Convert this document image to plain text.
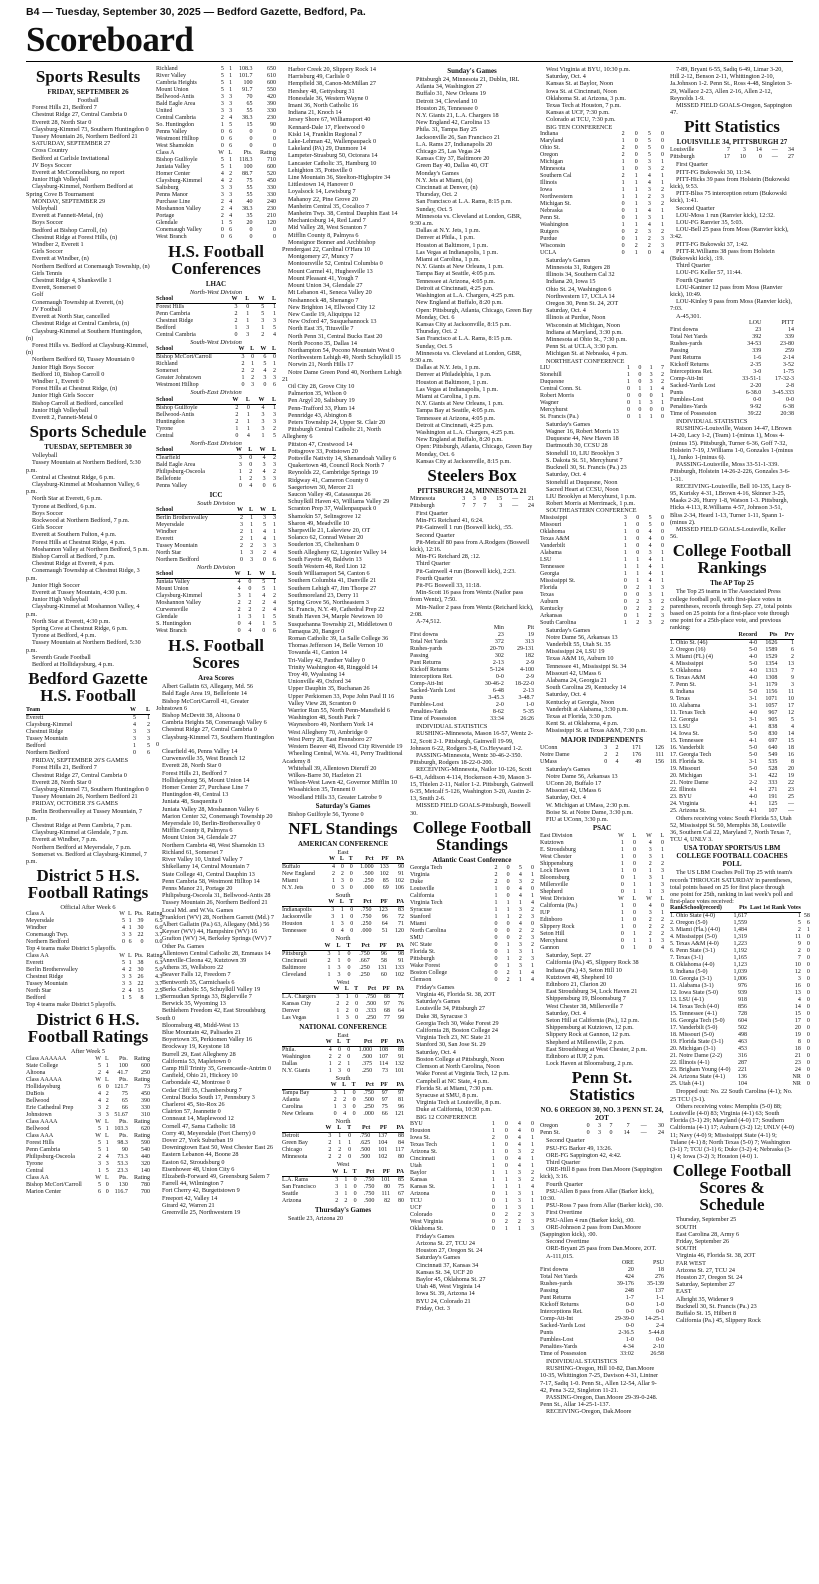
B4 — Tuesday, September 30, 2025 — Bedford Gazette, Bedford, Pa.
Scoreboard
Sports Results
FRIDAY, SEPTEMBER 26
Football

Forest Hills 21, Bedford 7

Chestnut Ridge 27, Central Cambria 0

Everett 28, North Star 0

Claysburg-Kimmel 73, Southern Huntingdon 0

Tussey Mountain 26, Northern Bedford 21

SATURDAY, SEPTEMBER 27

Cross Country

Bedford at Carlisle Invitational

JV Boys Soccer

Everett at McConnellsburg, no report

Junior High Volleyball

Claysburg-Kimmel, Northern Bedford at Spring Cove B Tournament

MONDAY, SEPTEMBER 29

Volleyball

Everett at Fannett-Metal, (n)

Boys Soccer

Bedford at Bishop Carroll, (n)

Chestnut Ridge at Forest Hills, (n)

Windber 2, Everett 1

Girls Soccer

Everett at Windber, (n)

Northern Bedford at Conemaugh Township, (n)

Girls Tennis

Chestnut Ridge 4, Shanksville 1

Everett, Somerset 0

Golf

Conemaugh Township at Everett, (n)

JV Football

Everett at North Star, cancelled

Chestnut Ridge at Central Cambria, (n)

Claysburg-Kimmel at Southern Huntingdon, (n)

Forest Hills vs. Bedford at Claysburg-Kimmel, (n)

Northern Bedford 60, Tussey Mountain 0

Junior High Boys Soccer

Bedford 10, Bishop Carroll 0

Windber 1, Everett 0

Forest Hills at Chestnut Ridge, (n)

Junior High Girls Soccer

Bishop Carroll at Bedford, cancelled

Junior High Volleyball

Everett 2, Fannett-Metal 0

Sports Schedule
TUESDAY, SEPTEMBER 30

Volleyball

Tussey Mountain at Northern Bedford, 5:30 p.m.

Central at Chestnut Ridge, 6 p.m.

Claysburg-Kimmel at Moshannon Valley, 6 p.m.

North Star at Everett, 6 p.m.

Tyrone at Bedford, 6 p.m.

Boys Soccer

Rockwood at Northern Bedford, 7 p.m.

Girls Soccer

Everett at Southern Fulton, 4 p.m.

Forest Hills at Chestnut Ridge, 4 p.m.

Moshannon Valley at Northern Bedford, 5 p.m.

Bishop Carroll at Bedford, 7 p.m.

Chestnut Ridge at Everett, 4 p.m.

Conemaugh Township at Chestnut Ridge, 3 p.m.

Junior High Soccer

Everett at Tussey Mountain, 4:30 p.m.

Junior High Volleyball

Claysburg-Kimmel at Moshannon Valley, 4 p.m.

North Star at Everett, 4:30 p.m.

Spring Cove at Chestnut Ridge, 6 p.m.

Tyrone at Bedford, 4 p.m.

Tussey Mountain at Northern Bedford, 5:30 p.m.

Seventh Grade Football

Bedford at Hollidaysburg, 4 p.m.

Bedford Gazette H.S. Football
Team	W	L
Everett	5	1
Claysburg-Kimmel	4	2
Chestnut Ridge	3	3
Tussey Mountain	3	3
Bedford	1	5
Northern Bedford	0	6

FRIDAY, SEPTEMBER 26'S GAMES

Forest Hills 21, Bedford 7

Chestnut Ridge 27, Central Cambria 0

Everett 28, North Star 0

Claysburg-Kimmel 73, Southern Huntingdon 0

Tussey Mountain 26, Northern Bedford 21

FRIDAY, OCTOBER 3'S GAMES

Berlin Brothersvalley at Tussey Mountain, 7 p.m.

Chestnut Ridge at Penn Cambria, 7 p.m.

Claysburg-Kimmel at Glendale, 7 p.m.

Everett at Windber, 7 p.m.

Northern Bedford at Meyersdale, 7 p.m.

Somerset vs. Bedford at Claysburg-Kimmel, 7 p.m.

District 5 H.S. Football Ratings
Official After Week 6
Class A	W	L	Pts.	Rating
Meyersdale	5	1	39	6.5
Windber	4	1	30	6.0
Conemaugh Twp.	3	3	22	3.7
Northern Bedford	0	6	0	0.0
Top 4 teams make District 5 playoffs.				
Class AA	W	L	Pts.	Rating
Everett	5	1	38	6.3
Berlin Brothersvalley	4	2	30	5.0
Chestnut Ridge	3	3	26	4.3
Tussey Mountain	3	3	22	3.7
North Star	2	4	15	2.5
Bedford	1	5	8	1.3
Top 4 teams make District 5 playoffs.				
District 6 H.S. Football Ratings
After Week 5
Class AAAAAA	W	L	Pts.	Rating
State College	5	1	100	600
Altoona	2	4	41.7	250
Class AAAAA	W	L	Pts.	Rating
Hollidaysburg	6	0	121.7	73
DuBois	4	2	75	450
Bellwood	4	2	65	390
Erie Cathedral Prep	3	2	66	330
Johnstown	3	3	51.67	310
Class AAAA	W	L	Pts.	Rating
Bellwood	5	1	103.3	620
Class AAA	W	L	Pts.	Rating
Forest Hills	5	1	98.3	590
Penn Cambria	5	1	90	540
Philipsburg-Osceola	2	4	73.3	440
Tyrone	3	3	53.3	320
Central	1	5	23.3	140
Class AA	W	L	Pts.	Rating
Bishop McCort/Carroll	5	0	130	780
Marion Center	6	0	116.7	700
Richland	5	1	108.3	650
River Valley	5	1	101.7	610
Cambria Heights	5	1	100	600
Mount Union	5	1	91.7	550
Bellwood-Antis	3	3	70	420
Bald Eagle Area	3	3	65	390
United	3	3	55	330
Central Cambria	2	4	38.3	230
So. Huntingdon	1	5	15	90
Penns Valley	0	6	0	0
Westmont Hilltop	0	6	0	0
West Shamokin	0	6	0	0
Class A	W	L	Pts.	Rating
Bishop Guilfoyle	5	1	118.3	710
Juniata Valley	5	1	100	600
Homer Center	4	2	88.7	520
Claysburg-Kimmel	4	2	75	450
Saltsburg	3	3	55	330
Penns Manor	3	3	55	330
Purchase Line	2	4	40	240
Moshannon Valley	2	4	38.3	230
Portage	2	4	35	210
Glendale	1	5	20	120
Conemaugh Valley	0	6	0	0
West Branch	0	6	0	0
H.S. Football Conferences
LHAC
North-West Division
School	W	L	W	L
Forest Hills	3	0	5	1
Penn Cambria	2	1	5	1
Chestnut Ridge	2	1	3	3
Bedford	1	3	1	5
Central Cambria	0	3	2	4
South-West Division
School	W	L	W	L
Bishop McCort/Carroll	3	0	6	0
Richland	2	1	5	1
Somerset	2	2	4	2
Greater Johnstown	1	2	3	3
Westmont Hilltop	0	3	0	6
South-East Division
School	W	L	W	L
Bishop Guilfoyle	2	0	4	1
Bellwood-Antis	2	1	3	3
Huntingdon	2	1	3	3
Tyrone	1	1	3	2
Central	0	4	1	5
North-East Division
School	W	L	W	L
Clearfield	3	0	4	2
Bald Eagle Area	3	0	3	3
Philipsburg-Osceola	1	2	4	2
Bellefonte	1	2	3	3
Penns Valley	0	4	0	6
ICC
South Division
School	W	L	W	L
Berlin Brothersvalley	2	1	3	3
Meyersdale	3	1	5	1
Windber	2	1	4	1
Everett	2	1	4	1
Tussey Mountain	2	2	3	3
North Star	1	3	2	4
Northern Bedford	0	3	0	6
North Division
School	W	L	W	L
Juniata Valley	4	0	5	1
Mount Union	4	0	5	1
Claysburg-Kimmel	3	1	4	2
Moshannon Valley	2	2	2	4
Curwensville	2	2	2	4
Glendale	1	3	1	5
S. Huntingdon	0	4	1	5
West Branch	0	4	0	6
H.S. Football Scores
Area Scores

Albert Gallatin 63, Allegany, Md. 56

Bald Eagle Area 19, Bellefonte 14

Bishop McCort/Carroll 41, Greater Johnstown 6

Bishop McDevitt 38, Altoona 0

Cambria Heights 58, Conemaugh Valley 6

Chestnut Ridge 27, Central Cambria 0

Claysburg-Kimmel 73, Southern Huntingdon 0

Clearfield 46, Penns Valley 14

Curwensville 35, West Branch 12

Everett 28, North Star 0

Forest Hills 21, Bedford 7

Hollidaysburg 56, Mount Union 14

Homer Center 27, Purchase Line 7

Huntingdon 49, Central 13

Juniata 48, Susquenita 0

Juniata Valley 28, Moshannon Valley 6

Marion Center 32, Conemaugh Township 20

Meyersdale 10, Berlin-Brothersvalley 0

Mifflin County 8, Palmyra 6

Mount Union 34, Glendale 27

Northern Cambria 48, West Shamokin 13

Richland 61, Somerset 7

River Valley 10, United Valley 7

Shikellamy 14, Central Mountain 7

State College 41, Central Dauphin 13

Penn Cambria 58, Westmont Hilltop 14

Penns Manor 21, Portage 20

Philipsburg-Osceola 31, Bellwood-Antis 28

Tussey Mountain 26, Northern Bedford 21

Local Md. and W.Va. Games

Frankfort (WV) 28, Northern Garrett (Md.) 7

Albert Gallatin (Pa.) 63, Allegany (Md.) 56

Keyser (WV) 44, Hampshire (WV) 16

Grafton (WV) 34, Berkeley Springs (WV) 7

Other Pa. Games

Allentown Central Catholic 28, Emmaus 14

Annville-Cleona 42, Kutztown 39

Athens 35, Wellsboro 22

Beaver Falls 12, Freedom 7

Bentworth 35, Carmichaels 6

Berks Catholic 55, Schuylkill Valley 19

Bermudian Springs 33, Biglerville 7

Berwick 35, Wyoming 13

Bethlehem Freedom 42, East Stroudsburg South 0

Bloomsburg 48, Midd-West 13

Blue Mountain 42, Palisades 21

Boyertown 35, Perkiomen Valley 16

Brockway 19, Keystone 18

Burrell 29, East Allegheny 28

California 53, Mapletown 0

Camp Hill Trinity 35, Greencastle-Antrim 0

Canfield, Ohio 21, Hickory 10

Carbondale 42, Montrose 0

Cedar Cliff 35, Chambersburg 7

Central Bucks South 17, Pennsbury 3

Charleroi 45, Sto-Rox 26

Clairton 57, Jeannette 0

Conneaut 14, Maplewood 12

Cornell 47, Sama Catholic 18

Corry 40, Meyersdale (Fort Cherry) 0

Dover 27, York Suburban 19

Downingtown East 50, West Chester East 26

Eastern Lebanon 44, Boone 28

Easton 62, Stroudsburg 0

Eisenhower 48, Union City 6

Elizabeth-Forward 49, Greensburg Salem 7

Farrell 44, Wilmington 7

Fort Cherry 42, Burgettstown 9

Freeport 42, Valley 14

Girard 42, Warren 21

Greenville 25, Northwestern 19

Harbor Creek 20, Slippery Rock 14

Harrisburg 49, Carlisle 0

Hempfield 38, Canon-McMillan 27

Hershey 48, Gettysburg 31

Honesdale 36, Western Wayne 0

Imani 36, North Catholic 16

Indiana 21, Knoch 14

Jersey Shore 67, Williamsport 40

Kennard-Dale 17, Fleetwood 0

Kiski 14, Franklin Regional 7

Lake-Lehman 42, Wallenpaupack 0

Lakeland (PA) 29, Dunmore 14

Lampeter-Strasburg 50, Octorara 14

Lancaster Catholic 35, Hamburg 10

Lehighton 35, Pottsville 0

Line Mountain 36, Steelton-Highspire 34

Littlestown 14, Hanover 0

Loyalsock 14, Lewisburg 7

Mahanoy 22, Pine Grove 20

Manheim Central 35, Cocalico 7

Manheim Twp. 38, Central Dauphin East 14

Mechanicsburg 14, Red Land 7

Mid Valley 28, West Scranton 7

Mifflin County 8, Palmyra 6

Monsignor Bonner and Archbishop Prendergast 22, Cardinal O'Hara 10

Montgomery 27, Muncy 7

Montoursville 52, Central Columbia 0

Mount Carmel 41, Hughesville 13

Mount Pleasant 41, Yough 7

Mount Union 34, Glendale 27

Mt Lebanon 41, Seneca Valley 20

Neshannock 48, Shenango 7

New Brighton 14, Ellwood City 12

New Castle 19, Aliquippa 12

New Oxford 47, Susquehannock 13

North East 35, Titusville 7

North Penn 31, Central Bucks East 20

North Pocono 35, Dallas 14

Northampton 54, Pocono Mountain West 0

Northwestern Lehigh 49, North Schuylkill 15

Norwin 21, North Hills 17

Notre Dame Green Pond 40, Northern Lehigh 21

Oil City 28, Grove City 10

Palmerton 35, Wilson 0

Pen Argyl 20, Salisbury 19

Penn-Trafford 33, Plum 14

Pennridge 43, Abington 8

Peters Township 24, Upper St. Clair 20

Pittsburgh Central Catholic 21, North Allegheny 6

Pittston 47, Crestwood 14

Pottsgrove 33, Pottstown 20

Pottsville Nativity 14, Shenandoah Valley 6

Quakertown 48, Council Rock North 7

Reynolds 22, Cambridge Springs 19

Ridgway 41, Cameron County 0

Saegertown 30, Mercer 21

Saucon Valley 49, Catasauqua 26

Schuylkill Haven 43, Williams Valley 29

Scranton Prep 37, Wallenpaupack 0

Shamokin 57, Selinsgrove 12

Sharon 49, Meadville 10

Sharpsville 21, Lakeview 20, OT

Solanco 62, Conrad Weiser 20

Souderton 35, Cheltenham 0

South Allegheny 62, Ligonier Valley 14

South Fayette 49, Baldwin 13

South Western 48, Red Lion 12

South Williamsport 54, Canton 6

Southern Columbia 41, Danville 21

Southern Lehigh 47, Jim Thorpe 27

Southmoreland 23, Derry 11

Spring Grove 56, Northeastern 3

St. Francis, N.Y. 49, Cathedral Prep 22

Strath Haven 34, Marple Newtown 10

Susquehanna Township 21, Middletown 0

Tamaqua 20, Bangor 0

Roman Catholic 39, La Salle College 36

Thomas Jefferson 14, Belle Vernon 10

Towanda 41, Canton 14

Tri-Valley 42, Panther Valley 0

Trinity Washington 48, Ringgold 14

Troy 49, Wyalusing 14

Unionville 49, Oxford 34

Upper Dauphin 35, Buchanan 26

Upper Perkiomen 33, Pope John Paul II 16

Valley View 28, Scranton 0

Warrior Run 55, North Penn-Mansfield 6

Washington 48, South Park 7

Waynesboro 49, Northern York 14

West Allegheny 70, Ambridge 0

West Perry 28, East Pennsboro 27

Western Beaver 48, Elwood City Riverside 19

Wheeling Central, W.Va. 41, Perry Traditional Academy 8

Whitehall 39, Allentown Dieruff 20

Wilkes-Barre 30, Hazleton 21

Wilson-West Lawn 42, Governor Mifflin 10

Wissahickon 35, Tennent 0

Woodland Hills 33, Greater Latrobe 9

Saturday's Games

Bishop Guilfoyle 56, Tyrone 0

NFL Standings
AMERICAN CONFERENCE
East
	W	L	T	Pct	PF	PA
Buffalo	4	0	0	1.000	133	90
New England	2	2	0	.500	102	91
Miami	1	3	0	.250	85	102
N.Y. Jets	0	3	0	.000	69	106
South
	W	L	T	Pct	PF	PA
Indianapolis	3	1	0	.750	123	83
Jacksonville	3	1	0	.750	96	72
Houston	1	3	0	.250	64	71
Tennessee	0	4	0	.000	51	120
North
	W	L	T	Pct	PF	PA
Pittsburgh	3	1	0	.750	96	98
Cincinnati	2	1	0	.667	58	91
Baltimore	1	3	0	.250	131	133
Cleveland	1	3	0	.250	60	102
West
	W	L	T	Pct	PF	PA
L.A. Chargers	3	1	0	.750	88	71
Kansas City	2	2	0	.500	97	76
Denver	1	2	0	.333	68	64
Las Vegas	1	3	0	.250	77	99
NATIONAL CONFERENCE
East
	W	L	T	Pct	PF	PA
Phila.	4	0	0	1.000	108	88
Washington	2	2	0	.500	107	91
Dallas	1	2	1	.375	114	132
N.Y. Giants	1	3	0	.250	73	101
South
	W	L	T	Pct	PF	PA
Tampa Bay	3	1	0	.750	97	97
Atlanta	2	2	0	.500	97	81
Carolina	1	3	0	.250	75	96
New Orleans	0	4	0	.000	66	121
North
	W	L	T	Pct	PF	PA
Detroit	3	1	0	.750	137	88
Green Bay	2	1	1	.625	104	84
Chicago	2	2	0	.500	101	117
Minnesota	2	2	0	.500	102	80
West
	W	L	T	Pct	PF	PA
L.A. Rams	3	1	0	.750	101	85
San Francisco	3	1	0	.750	80	75
Seattle	3	1	0	.750	111	67
Arizona	2	2	0	.500	82	80
Thursday's Games

Seattle 23, Arizona 20

Sunday's Games

Pittsburgh 24, Minnesota 21, Dublin, IRL

Atlanta 34, Washington 27

Buffalo 31, New Orleans 19

Detroit 34, Cleveland 10

Houston 26, Tennessee 0

N.Y. Giants 21, L.A. Chargers 18

New England 42, Carolina 13

Phila. 31, Tampa Bay 25

Jacksonville 26, San Francisco 21

L.A. Rams 27, Indianapolis 20

Chicago 25, Las Vegas 24

Kansas City 37, Baltimore 20

Green Bay 40, Dallas 40, OT

Monday's Games

N.Y. Jets at Miami, (n)

Cincinnati at Denver, (n)

Thursday, Oct. 2

San Francisco at L.A. Rams, 8:15 p.m.

Sunday, Oct. 5

Minnesota vs. Cleveland at London, GBR, 9:30 a.m.

Dallas at N.Y. Jets, 1 p.m.

Denver at Phila., 1 p.m.

Houston at Baltimore, 1 p.m.

Las Vegas at Indianapolis, 1 p.m.

Miami at Carolina, 1 p.m.

N.Y. Giants at New Orleans, 1 p.m.

Tampa Bay at Seattle, 4:05 p.m.

Tennessee at Arizona, 4:05 p.m.

Detroit at Cincinnati, 4:25 p.m.

Washington at L.A. Chargers, 4:25 p.m.

New England at Buffalo, 8:20 p.m.

Open: Pittsburgh, Atlanta, Chicago, Green Bay

Monday, Oct. 6

Kansas City at Jacksonville, 8:15 p.m.

Thursday, Oct. 2

San Francisco at L.A. Rams, 8:15 p.m.

Sunday, Oct. 5

Minnesota vs. Cleveland at London, GBR, 9:30 a.m.

Dallas at N.Y. Jets, 1 p.m.

Denver at Philadelphia, 1 p.m.

Houston at Baltimore, 1 p.m.

Las Vegas at Indianapolis, 1 p.m.

Miami at Carolina, 1 p.m.

N.Y. Giants at New Orleans, 1 p.m.

Tampa Bay at Seattle, 4:05 p.m.

Tennessee at Arizona, 4:05 p.m.

Detroit at Cincinnati, 4:25 p.m.

Washington at L.A. Chargers, 4:25 p.m.

New England at Buffalo, 8:20 p.m.

Open: Pittsburgh, Atlanta, Chicago, Green Bay

Monday, Oct. 6

Kansas City at Jacksonville, 8:15 p.m.

Steelers Box
PITTSBURGH 24, MINNESOTA 21
Minnesota	3	3	0	15	—	21
Pittsburgh	7	7	7	3	—	24

First Quarter

Min-FG Reichard 41, 6:24.

Pit-Gainwell 1 run (Boswell kick), :55.

Second Quarter

Pit-Metcalf 80 pass from A.Rodgers (Boswell kick), 12:16.

Min-FG Reichard 28, :12.

Third Quarter

Pit-Gainwell 4 run (Boswell kick), 2:23.

Fourth Quarter

Pit-FG Boswell 33, 11:18.

Min-Scott 16 pass from Wentz (Nailor pass from Wentz), 7:50.

Min-Nailor 2 pass from Wentz (Reichard kick), 2:08.

A-74,512.

	Min	Pit
First downs	23	19
Total Net Yards	372	313
Rushes-yards	20-70	29-131
Passing	302	182
Punt Returns	2-13	2-9
Kickoff Returns	5-124	4-100
Interceptions Ret.	0-0	2-9
Comp-Att-Int	30-46-2	18-22-0
Sacked-Yards Lost	6-48	2-13
Punts	3-45.3	3-48.7
Fumbles-Lost	2-0	1-0
Penalties-Yards	8-62	5-35
Time of Possession	33:34	26:26

INDIVIDUAL STATISTICS

RUSHING-Minnesota, Mason 16-57, Wentz 2-12, Scott 2-1. Pittsburgh, Gainwell 19-99, Johnson 6-22, Rodgers 3-8, Co.Heyward 1-2.

PASSING-Minnesota, Wentz 30-46-2-350. Pittsburgh, Rodgers 18-22-0-200.

RECEIVING-Minnesota, Nailor 10-126, Scott 6-43, Addison 4-114, Hockenson 4-39, Mason 3-15, Thielen 2-11, Nailor 1-2. Pittsburgh, Gainwell 6-35, Metcalf 5-126, Washington 3-20, Austin 2-13, Smith 2-6.

MISSED FIELD GOALS-Pittsburgh, Boswell 30.

College Football Standings
Atlantic Coast Conference
Georgia Tech	2	0	5	0
Virginia	2	0	4	1
Duke	2	0	3	2
Louisville	1	0	4	0
California	1	0	4	1
Virginia Tech	1	1	1	4
Syracuse	1	1	3	2
Stanford	1	1	2	3
Miami	0	0	4	0
North Carolina	0	0	2	2
SMU	0	0	2	3
NC State	0	1	3	2
Florida St.	0	1	3	1
Pittsburgh	0	1	2	3
Wake Forest	0	1	3	1
Boston College	0	2	1	4
Clemson	0	2	1	4

Friday's Games

Virginia 46, Florida St. 38, 2OT

Saturday's Games

Louisville 34, Pittsburgh 27

Duke 38, Syracuse 3

Georgia Tech 30, Wake Forest 29

California 28, Boston College 24

Virginia Tech 23, NC State 21

Stanford 30, San Jose St. 29

Saturday, Oct. 4

Boston College at Pittsburgh, Noon

Clemson at North Carolina, Noon

Wake Forest at Virginia Tech, 12 p.m.

Campbell at NC State, 4 p.m.

Florida St. at Miami, 7:30 p.m.

Syracuse at SMU, 8 p.m.

Virginia Tech at Louisville, 8 p.m.

Duke at California, 10:30 p.m.

BIG 12 CONFERENCE

BYU	1	0	4	0
Houston	1	0	4	0
Iowa St.	2	0	4	1
Texas Tech	1	0	4	1
Arizona St.	1	0	3	2
Cincinnati	1	0	4	1
Utah	1	0	4	1
Baylor	1	1	3	2
Kansas	1	1	3	2
Kansas St.	1	1	1	4
Arizona	0	1	3	1
TCU	0	1	3	1
UCF	0	1	3	1
Colorado	0	2	2	3
West Virginia	0	2	2	3
Oklahoma St.	0	1	1	3

Friday's Games

Arizona St. 27, TCU 24

Houston 27, Oregon St. 24

Saturday's Games

Cincinnati 37, Kansas 34

Kansas St. 34, UCF 20

Baylor 45, Oklahoma St. 27

Utah 48, West Virginia 14

Iowa St. 39, Arizona 14

BYU 24, Colorado 21

Friday, Oct. 3

West Virginia at BYU, 10:30 p.m.

Saturday, Oct. 4

Kansas St. at Baylor, Noon

Iowa St. at Cincinnati, Noon

Oklahoma St. at Arizona, 3 p.m.

Texas Tech at Houston, 7 p.m.

Kansas at UCF, 7:30 p.m.

Colorado at TCU, 7:30 p.m.

BIG TEN CONFERENCE

Indiana	2	0	5	0
Maryland	1	0	5	0
Ohio St.	2	0	5	0
Oregon	2	0	5	0
Michigan	1	0	3	1
Minnesota	1	0	3	2
Southern Cal	2	1	4	1
Illinois	1	1	4	1
Iowa	1	1	3	2
Northwestern	1	1	2	3
Michigan St.	0	1	3	2
Nebraska	0	1	4	1
Penn St.	0	1	3	1
Washington	1	1	4	1
Rutgers	0	2	3	2
Purdue	0	1	2	3
Wisconsin	0	2	2	3
UCLA	0	1	0	4

Saturday's Games

Minnesota 31, Rutgers 28

Illinois 34, Southern Cal 32

Indiana 20, Iowa 15

Ohio St. 24, Washington 6

Northwestern 17, UCLA 14

Oregon 30, Penn St. 24, 2OT

Saturday, Oct. 4

Illinois at Purdue, Noon

Wisconsin at Michigan, Noon

Indiana at Maryland, 3:30 p.m.

Minnesota at Ohio St., 7:30 p.m.

Penn St. at UCLA, 3:30 p.m.

Michigan St. at Nebraska, 4 p.m.

NORTHEAST CONFERENCE

LIU	1	0	1	7
Stonehill	1	0	3	2
Duquesne	1	0	3	2
Central Conn. St.	0	1	1	4
Robert Morris	0	0	0	1
Wagner	0	1	3	1
Mercyhurst	0	0	0	0
St. Francis (Pa.)	0	1	1	0

Saturday's Games

Wagner 16, Robert Morris 13

Duquesne 44, New Haven 18

Dartmouth 30, CCSU 28

Stonehill 10, LIU Brooklyn 3

S. Dakota St. 51, Mercyhurst 7

Bucknell 30, St. Francis (Pa.) 23

Saturday, Oct. 4

Stonehill at Duquesne, Noon

Sacred Heart at CCSU, Noon

LIU Brooklyn at Mercyhurst, 1 p.m.

Robert Morris at Merrimack, 1 p.m.

SOUTHEASTERN CONFERENCE

Mississippi	3	0	5	0
Missouri	1	0	5	0
Oklahoma	1	0	4	0
Texas A&M	1	0	4	0
Vanderbilt	1	0	4	0
Alabama	1	0	3	1
LSU	1	1	4	1
Tennessee	1	1	4	1
Georgia	1	1	4	1
Mississippi St.	0	1	4	1
Florida	0	2	1	3
Texas	0	0	3	1
Auburn	0	2	3	2
Kentucky	0	2	2	2
Arkansas	0	1	2	3
South Carolina	1	2	3	2

Saturday's Games

Notre Dame 56, Arkansas 13

Vanderbilt 55, Utah St. 35

Mississippi 24, LSU 19

Texas A&M 16, Auburn 10

Tennessee 41, Mississippi St. 34

Missouri 42, UMass 6

Alabama 24, Georgia 21

South Carolina 29, Kentucky 14

Saturday, Oct. 4

Kentucky at Georgia, Noon

Vanderbilt at Alabama, 3:30 p.m.

Texas at Florida, 3:30 p.m.

Kent St. at Oklahoma, 4 p.m.

Mississippi St. at Texas A&M, 7:30 p.m.

MAJOR INDEPENDENTS
UConn	3	2	171	126
Notre Dame	2	2	176	111
UMass	0	4	49	156

Saturday's Games

Notre Dame 56, Arkansas 13

UConn 20, Buffalo 17

Missouri 42, UMass 6

Saturday, Oct. 4

W. Michigan at UMass, 2:30 p.m.

Boise St. at Notre Dame, 3:30 p.m.

FIU at UConn, 3:30 p.m.

PSAC
East Division	W	L	W	L
Kutztown	1	0	4	0
E. Stroudsburg	1	0	3	1
West Chester	1	0	3	1
Shippensburg	1	0	2	2
Lock Haven	1	0	1	3
Bloomsburg	0	1	3	1
Millersville	0	1	1	3
Shepherd	0	1	1	3
West Division	W	L	W	L
California (Pa.)	1	0	4	0
IUP	1	0	3	1
Edinboro	1	0	2	2
Slippery Rock	1	0	2	2
Seton Hill	0	1	2	2
Mercyhurst	0	1	1	3
Gannon	0	1	0	4

Saturday, Sept. 27

California (Pa.) 45, Slippery Rock 38

Indiana (Pa.) 43, Seton Hill 10

Kutztown 48, Shepherd 10

Edinboro 21, Clarion 20

East Stroudsburg 34, Lock Haven 21

Shippensburg 19, Bloomsburg 7

West Chester 38, Millersville 7

Saturday, Oct. 4

Seton Hill at California (Pa.), 12 p.m.

Shippensburg at Kutztown, 12 p.m.

Slippery Rock at Gannon, 12 p.m.

Shepherd at Millersville, 2 p.m.

East Stroudsburg at West Chester, 2 p.m.

Edinboro at IUP, 2 p.m.

Lock Haven at Bloomsburg, 2 p.m.

Penn St. Statistics
NO. 6 OREGON 30, NO. 3 PENN ST. 24, 2OT
Oregon	0	3	7	7	—	30
Penn St.	0	3	0	14	—	24

Second Quarter

PSU-FG Barker 49, 13:26.

ORE-FG Sappington 42, 4:42.

Third Quarter

ORE-Hill 8 pass from Dan.Moore (Sappington kick), 3:16.

Fourth Quarter

PSU-Allen 8 pass from Allar (Barker kick), 10:30.

PSU-Ross 7 pass from Allar (Barker kick), :30.

First Overtime

PSU-Allen 4 run (Barker kick), :00.

ORE-Johnson 2 pass from Dan.Moore (Sappington kick), :00.

Second Overtime

ORE-Bryant 25 pass from Dan.Moore, 2OT.

A-111,015.

	ORE	PSU
First downs	20	18
Total Net Yards	424	276
Rushes-yards	39-176	35-139
Passing	248	137
Punt Returns	1-7	1-1
Kickoff Returns	0-0	1-0
Interceptions Ret.	0-0	0-0
Comp-Att-Int	29-39-0	14-25-1
Sacked-Yards Lost	0-0	2-4
Punts	2-36.5	5-44.8
Fumbles-Lost	1-0	0-0
Penalties-Yards	4-34	2-10
Time of Possession	33:02	26:58

INDIVIDUAL STATISTICS

RUSHING-Oregon, Hill 10-82, Dan.Moore 10-35, Whittington 7-25, Davison 4-31, Lintner 7-17, Sadiq 1-0. Penn St., Allen 12-54, Allar 9-42, Pena 3-22, Singleton 11-21.

PASSING-Oregon, Dan.Moore 29-39-0-248. Penn St., Allar 14-25-1-137.

RECEIVING-Oregon, Dak.Moore

7-89, Bryant 6-55, Sadiq 6-49, Limar 3-20, Hill 2-12, Benson 2-11, Whittington 2-10, Ja.Johnson 1-2. Penn St., Ross 4-48, Singleton 3-29, Wallace 2-23, Allen 2-16, Allen 2-12, Reynolds 1-9.

MISSED FIELD GOALS-Oregon, Sappington 47.

Pitt Statistics
LOUISVILLE 34, PITTSBURGH 27
Louisville	7	3	14	—	34
Pittsburgh	17	10	0	—	27

First Quarter

PITT-FG Bukowski 30, 11:34.

PITT-Hicks 39 pass from Holstein (Bukowski kick), 9:53.

PITT-Bliss 75 interception return (Bukowski kick), 1:41.

Second Quarter

LOU-Moss 1 run (Ranvier kick), 12:32.

LOU-FG Ranvier 35, 5:03.

LOU-Bell 25 pass from Moss (Ranvier kick), 3:42.

PITT-FG Bukowski 37, 1:42.

PITT-R.Williams 38 pass from Holstein (Bukowski kick), :19.

Third Quarter

LOU-FG Keller 57, 11:44.

Fourth Quarter

LOU-Kantner 12 pass from Moss (Ranvier kick), 10:49.

LOU-Kinley 9 pass from Moss (Ranvier kick), 7:03.

A-45,301.

	LOU	PITT
First downs	23	14
Total Net Yards	392	339
Rushes-yards	34-53	23-80
Passing	339	259
Punt Returns	1-6	2-14
Kickoff Returns	2-35	3-52
Interceptions Ret.	3-0	1-75
Comp-Att-Int	33-51-1	17-32-3
Sacked-Yards Lost	2-20	2-8
Punts	6-38.0	3-45.333
Fumbles-Lost	0-0	0-0
Penalties-Yards	9-92	6-38
Time of Possession	39:22	20:38

INDIVIDUAL STATISTICS

RUSHING-Louisville, Watson 14-47, I.Brown 14-20, Lacy 1-2, (Team) 1-(minus 1), Moss 4-(minus 15). Pittsburgh, Turner 6-36, Goff 7-32, Holstein 7-19, J.Williams 1-0, Gonzales 1-(minus 1), Junko 1-(minus 6).

PASSING-Louisville, Moss 33-51-1-339. Pittsburgh, Holstein 14-26-2-226, Gonzales 3-6-1-31.

RECEIVING-Louisville, Bell 10-135, Lacy 8-95, Kurisky 4-31, I.Brown 4-16, Skinner 3-25, Maaks 2-26, Hurry 1-8, Watson 1-3. Pittsburgh, Hicks 4-113, R.Williams 4-57, Johnson 3-51, Bliss 2-34, Heard 1-13, Turner 1-11, Spann 1-(minus 2).

MISSED FIELD GOALS-Louisville, Keller 56.

College Football Rankings
The AP Top 25

The Top 25 teams in The Associated Press college football poll, with first-place votes in parentheses, records through Sep. 27, total points based on 25 points for a first-place vote through one point for a 25th-place vote, and previous ranking:

	Record	Pts	Prv
1. Ohio St. (46)	4-0	1626	1
2. Oregon (16)	5-0	1589	6
3. Miami (FL) (4)	4-0	1529	2
4. Mississippi	5-0	1354	13
5. Oklahoma	4-0	1313	7
6. Texas A&M	4-0	1308	9
7. Penn St.	3-1	1179	3
8. Indiana	5-0	1156	11
9. Texas	3-1	1071	10
10. Alabama	3-1	1057	17
11. Texas Tech	4-0	967	12
12. Georgia	3-1	905	5
13. LSU	4-1	838	4
14. Iowa St.	5-0	830	14
15. Tennessee	4-1	697	15
16. Vanderbilt	5-0	640	18
17. Georgia Tech	5-0	549	16
18. Florida St.	3-1	535	8
19. Missouri	5-0	528	20
20. Michigan	3-1	422	19
21. Notre Dame	2-2	333	22
22. Illinois	4-1	271	23
23. BYU	4-0	191	25
24. Virginia	4-1	125	—
25. Arizona St.	4-1	107	—

Others receiving votes: South Florida 53, Utah 52, Mississippi St. 50, Memphis 38, Louisville 36, Southern Cal 22, Maryland 7, North Texas 7, TCU 4, UNLV 3.

USA TODAY SPORTS/US LBM COLLEGE FOOTBALL COACHES POLL

The US LBM Coaches Poll Top 25 with team's records THROUGH SATURDAY in parentheses, total points based on 25 for first place through one point for 25th, ranking in last week's poll and first-place votes received:

RankSchool(record)	Pts	Last 1st Rank Votes	
1. Ohio State (4-0)	1,617	1	58
2. Oregon (5-0)	1,559	5	6
3. Miami (Fla.) (4-0)	1,484	2	1
4. Mississippi (5-0)	1,319	11	0
5. Texas A&M (4-0)	1,223	9	0
6. Penn State (3-1)	1,192	2	0
7. Texas (3-1)	1,165	7	0
8. Oklahoma (4-0)	1,123	10	0
9. Indiana (5-0)	1,039	12	0
10. Georgia (3-1)	1,006	3	0
11. Alabama (3-1)	976	16	0
12. Iowa State (5-0)	939	13	0
13. LSU (4-1)	918	4	0
14. Texas Tech (4-0)	856	14	0
15. Tennessee (4-1)	728	15	0
16. Georgia Tech (5-0)	604	17	0
17. Vanderbilt (5-0)	502	20	0
18. Missouri (5-0)	498	19	0
19. Florida State (3-1)	463	8	0
20. Michigan (3-1)	453	18	0
21. Notre Dame (2-2)	316	21	0
22. Illinois (4-1)	287	23	0
23. Brigham Young (4-0)	221	24	0
24. Arizona State (4-1)	136	NR	0
25. Utah (4-1)	104	NR	0

Dropped out: No. 22 South Carolina (4-1); No. 25 TCU (3-1).

Others receiving votes: Memphis (5-0) 88; Louisville (4-0) 83; Virginia (4-1) 63; South Florida (3-1) 29; Maryland (4-0) 17; Southern California (4-1) 17; Auburn (3-2) 12; UNLV (4-0) 11; Navy (4-0) 9; Mississippi State (4-1) 9; Tulane (4-1) 8; North Texas (5-0) 7; Washington (3-1) 7; TCU (3-1) 6; Duke (3-2) 4; Nebraska (3-1) 4; Iowa (3-2) 3; Houston (4-0) 1.

College Football Scores & Schedule

Thursday, September 25

SOUTH

East Carolina 28, Army 6

Friday, September 26

SOUTH

Virginia 46, Florida St. 38, 2OT

FAR WEST

Arizona St. 27, TCU 24

Houston 27, Oregon St. 24

Saturday, September 27

EAST

Albright 35, Widener 9

Bucknell 30, St. Francis (Pa.) 23

Buffalo St. 15, Hilbert 8

California (Pa.) 45, Slippery Rock
